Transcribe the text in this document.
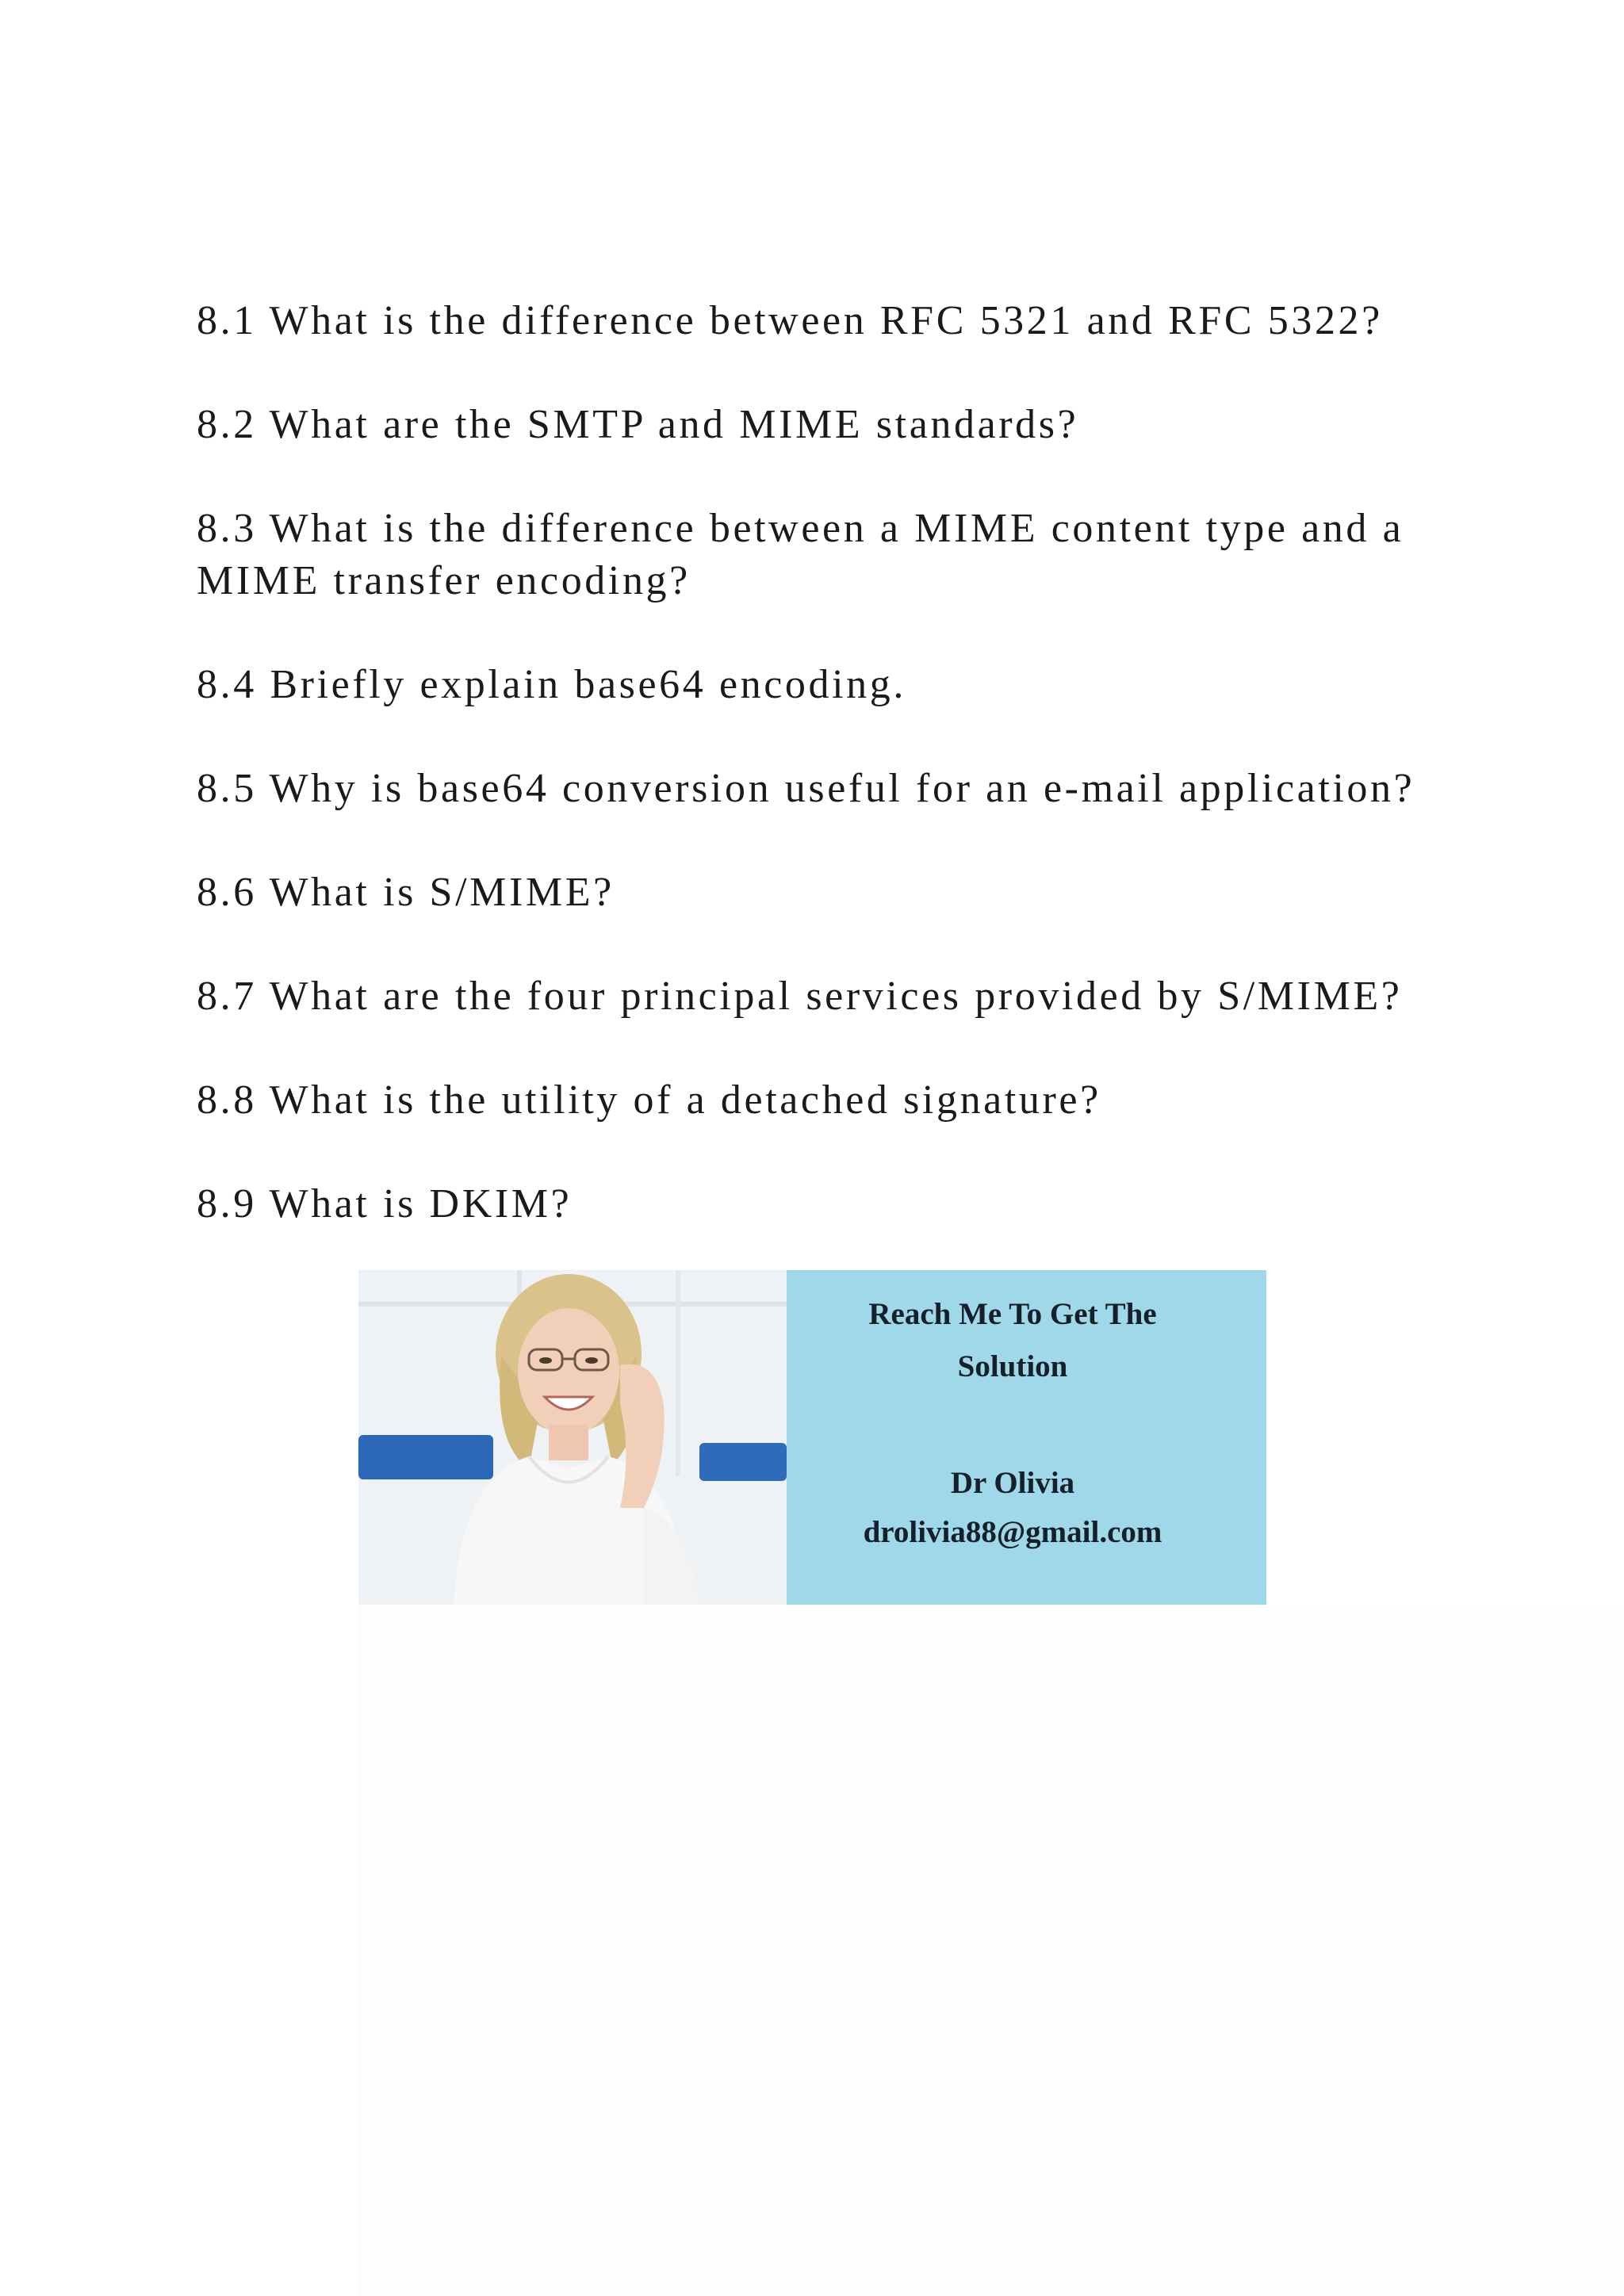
8.1 What is the difference between RFC 5321 and RFC 5322?

8.2 What are the SMTP and MIME standards?

8.3 What is the difference between a MIME content type and a
MIME transfer encoding?

8.4 Briefly explain base64 encoding.

8.5 Why is base64 conversion useful for an e-mail application?

8.6 What is S/MIME?

8.7 What are the four principal services provided by S/MIME?

8.8 What is the utility of a detached signature?

8.9 What is DKIM?

Reach Me To Get The
Solution
Dr Olivia
drolivia88@gmail.com
